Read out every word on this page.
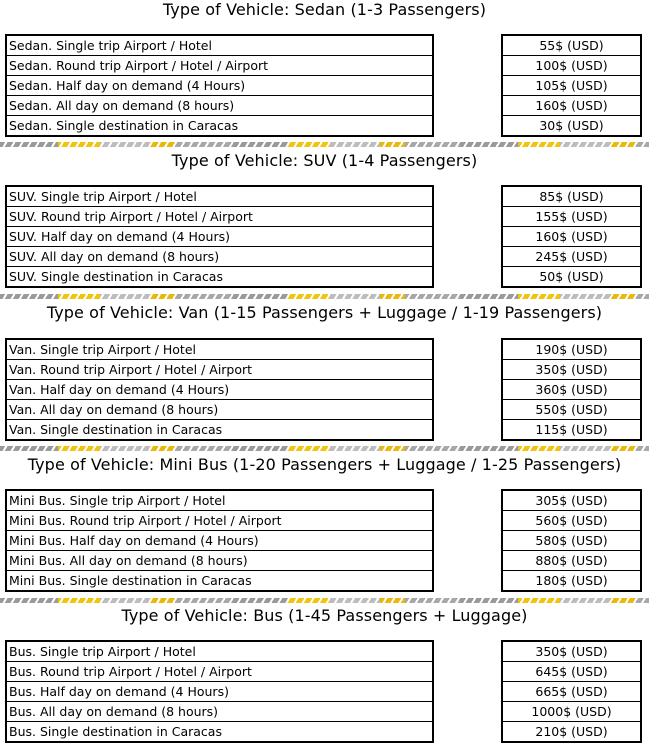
Type of Vehicle: Sedan (1-3 Passengers)
Sedan. Single trip Airport / Hotel
Sedan. Round trip Airport / Hotel / Airport
Sedan. Half day on demand (4 Hours)
Sedan. All day on demand (8 hours)
Sedan. Single destination in Caracas
55$ (USD)
100$ (USD)
105$ (USD)
160$ (USD)
30$ (USD)
Type of Vehicle: SUV (1-4 Passengers)
SUV. Single trip Airport / Hotel
SUV. Round trip Airport / Hotel / Airport
SUV. Half day on demand (4 Hours)
SUV. All day on demand (8 hours)
SUV. Single destination in Caracas
85$ (USD)
155$ (USD)
160$ (USD)
245$ (USD)
50$ (USD)
Type of Vehicle: Van (1-15 Passengers + Luggage / 1-19 Passengers)
Van. Single trip Airport / Hotel
Van. Round trip Airport / Hotel / Airport
Van. Half day on demand (4 Hours)
Van. All day on demand (8 hours)
Van. Single destination in Caracas
190$ (USD)
350$ (USD)
360$ (USD)
550$ (USD)
115$ (USD)
Type of Vehicle: Mini Bus (1-20 Passengers + Luggage / 1-25 Passengers)
Mini Bus. Single trip Airport / Hotel
Mini Bus. Round trip Airport / Hotel / Airport
Mini Bus. Half day on demand (4 Hours)
Mini Bus. All day on demand (8 hours)
Mini Bus. Single destination in Caracas
305$ (USD)
560$ (USD)
580$ (USD)
880$ (USD)
180$ (USD)
Type of Vehicle: Bus (1-45 Passengers + Luggage)
Bus. Single trip Airport / Hotel
Bus. Round trip Airport / Hotel / Airport
Bus. Half day on demand (4 Hours)
Bus. All day on demand (8 hours)
Bus. Single destination in Caracas
350$ (USD)
645$ (USD)
665$ (USD)
1000$ (USD)
210$ (USD)
